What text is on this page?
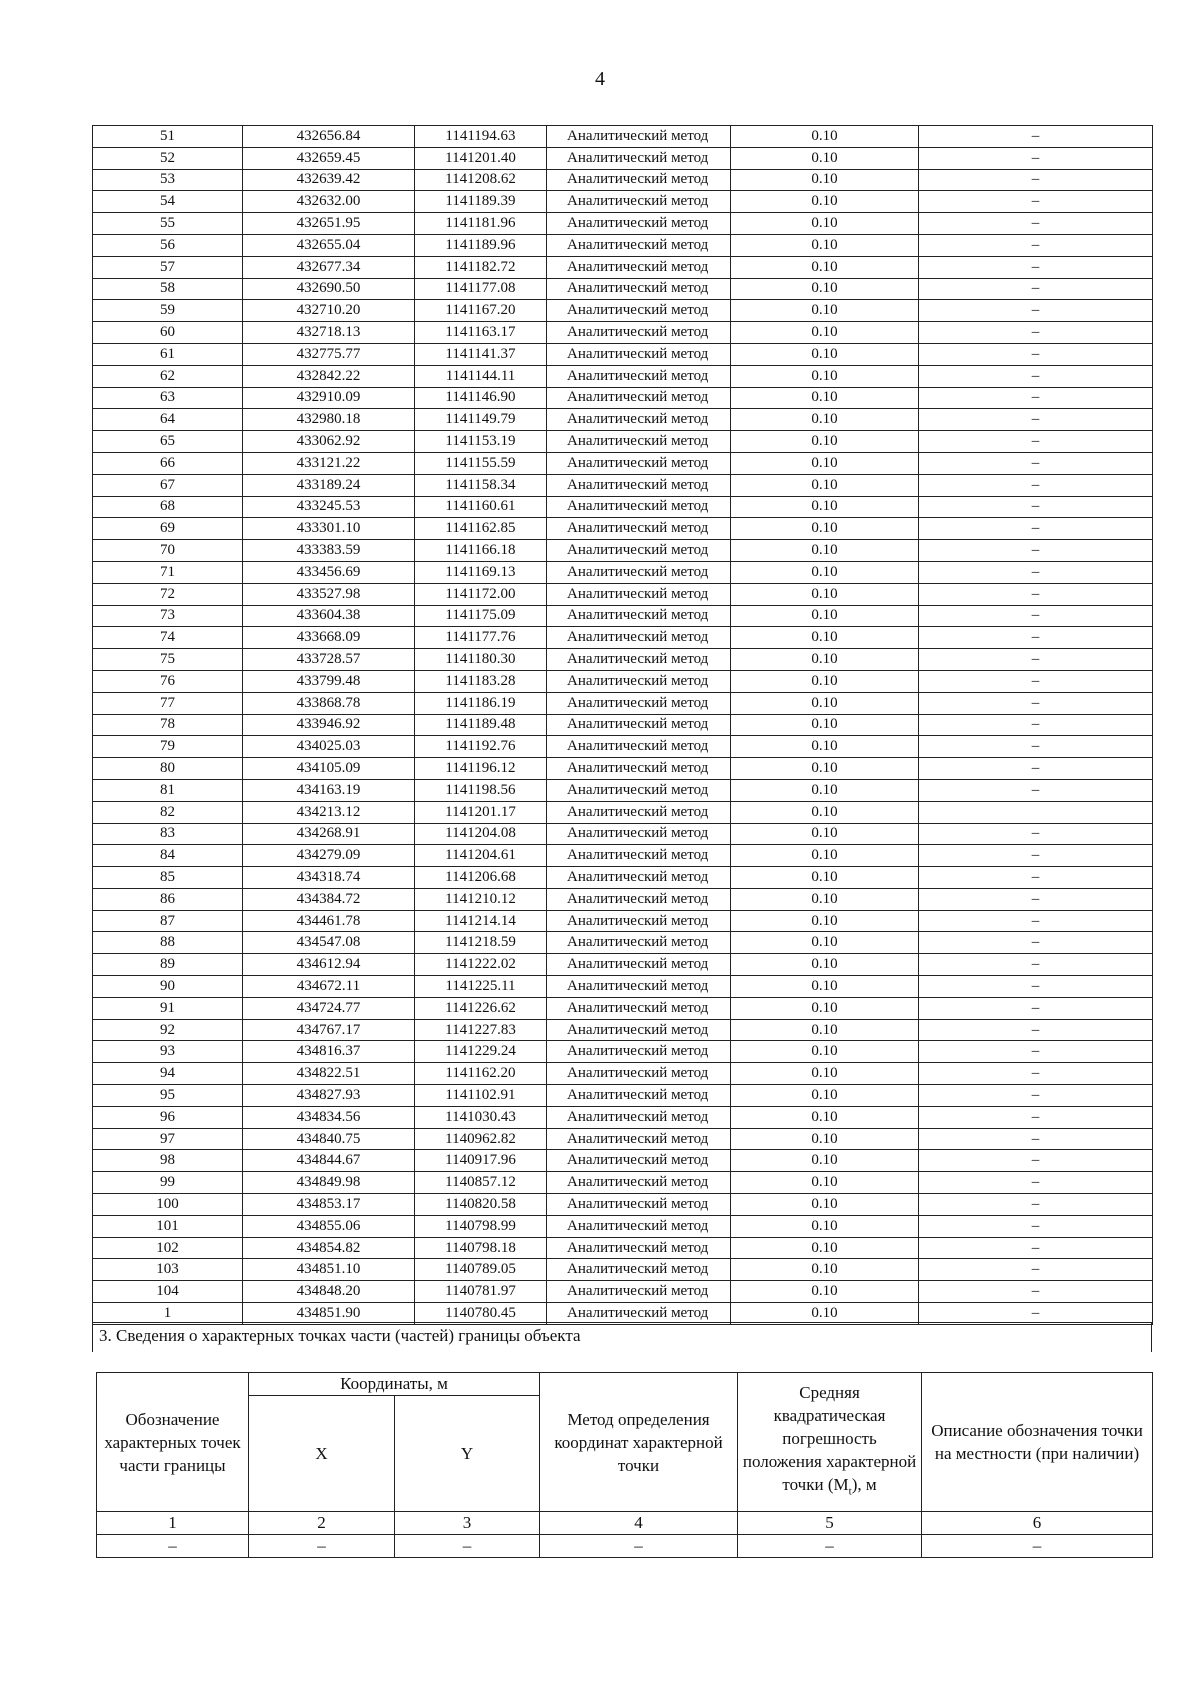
4
51	432656.84	1141194.63	Аналитический метод	0.10	–
52	432659.45	1141201.40	Аналитический метод	0.10	–
53	432639.42	1141208.62	Аналитический метод	0.10	–
54	432632.00	1141189.39	Аналитический метод	0.10	–
55	432651.95	1141181.96	Аналитический метод	0.10	–
56	432655.04	1141189.96	Аналитический метод	0.10	–
57	432677.34	1141182.72	Аналитический метод	0.10	–
58	432690.50	1141177.08	Аналитический метод	0.10	–
59	432710.20	1141167.20	Аналитический метод	0.10	–
60	432718.13	1141163.17	Аналитический метод	0.10	–
61	432775.77	1141141.37	Аналитический метод	0.10	–
62	432842.22	1141144.11	Аналитический метод	0.10	–
63	432910.09	1141146.90	Аналитический метод	0.10	–
64	432980.18	1141149.79	Аналитический метод	0.10	–
65	433062.92	1141153.19	Аналитический метод	0.10	–
66	433121.22	1141155.59	Аналитический метод	0.10	–
67	433189.24	1141158.34	Аналитический метод	0.10	–
68	433245.53	1141160.61	Аналитический метод	0.10	–
69	433301.10	1141162.85	Аналитический метод	0.10	–
70	433383.59	1141166.18	Аналитический метод	0.10	–
71	433456.69	1141169.13	Аналитический метод	0.10	–
72	433527.98	1141172.00	Аналитический метод	0.10	–
73	433604.38	1141175.09	Аналитический метод	0.10	–
74	433668.09	1141177.76	Аналитический метод	0.10	–
75	433728.57	1141180.30	Аналитический метод	0.10	–
76	433799.48	1141183.28	Аналитический метод	0.10	–
77	433868.78	1141186.19	Аналитический метод	0.10	–
78	433946.92	1141189.48	Аналитический метод	0.10	–
79	434025.03	1141192.76	Аналитический метод	0.10	–
80	434105.09	1141196.12	Аналитический метод	0.10	–
81	434163.19	1141198.56	Аналитический метод	0.10	–
82	434213.12	1141201.17	Аналитический метод	0.10	
83	434268.91	1141204.08	Аналитический метод	0.10	–
84	434279.09	1141204.61	Аналитический метод	0.10	–
85	434318.74	1141206.68	Аналитический метод	0.10	–
86	434384.72	1141210.12	Аналитический метод	0.10	–
87	434461.78	1141214.14	Аналитический метод	0.10	–
88	434547.08	1141218.59	Аналитический метод	0.10	–
89	434612.94	1141222.02	Аналитический метод	0.10	–
90	434672.11	1141225.11	Аналитический метод	0.10	–
91	434724.77	1141226.62	Аналитический метод	0.10	–
92	434767.17	1141227.83	Аналитический метод	0.10	–
93	434816.37	1141229.24	Аналитический метод	0.10	–
94	434822.51	1141162.20	Аналитический метод	0.10	–
95	434827.93	1141102.91	Аналитический метод	0.10	–
96	434834.56	1141030.43	Аналитический метод	0.10	–
97	434840.75	1140962.82	Аналитический метод	0.10	–
98	434844.67	1140917.96	Аналитический метод	0.10	–
99	434849.98	1140857.12	Аналитический метод	0.10	–
100	434853.17	1140820.58	Аналитический метод	0.10	–
101	434855.06	1140798.99	Аналитический метод	0.10	–
102	434854.82	1140798.18	Аналитический метод	0.10	–
103	434851.10	1140789.05	Аналитический метод	0.10	–
104	434848.20	1140781.97	Аналитический метод	0.10	–
1	434851.90	1140780.45	Аналитический метод	0.10	–
3. Сведения о характерных точках части (частей) границы объекта
Обозначение характерных точек части границы	Координаты, м		Метод определения координат характерной точки	Средняя квадратическая погрешность положения характерной точки $(M_t)$, м	Описание обозначения точки на местности (при наличии)
	X	Y			
1	2	3	4	5	6
–	–	–	–	–	–
